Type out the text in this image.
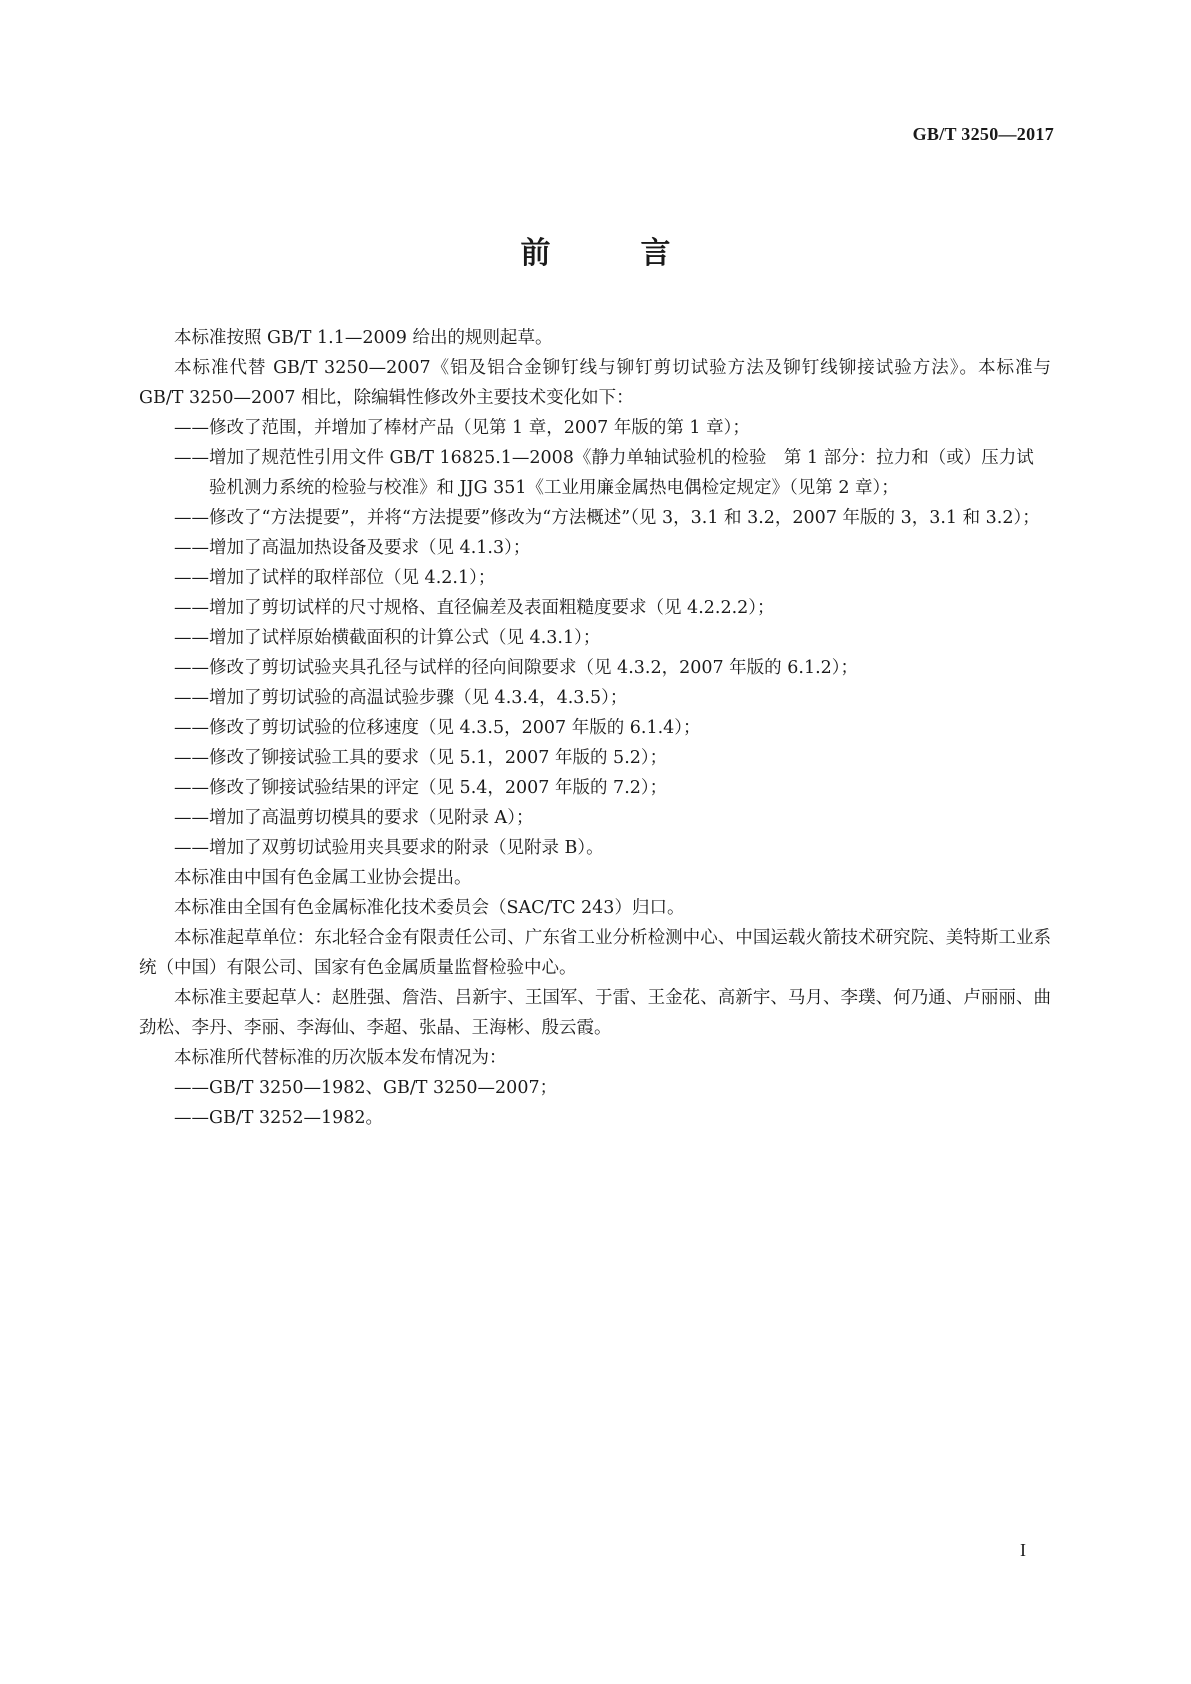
GB/T 3250—2017
前　言

本标准按照 GB/T 1.1—2009 给出的规则起草。

本标准代替 GB/T 3250—2007《铝及铝合金铆钉线与铆钉剪切试验方法及铆钉线铆接试验方法》。本标准与 GB/T 3250—2007 相比，除编辑性修改外主要技术变化如下：

——修改了范围，并增加了棒材产品（见第 1 章，2007 年版的第 1 章）；

——增加了规范性引用文件 GB/T 16825.1—2008《静力单轴试验机的检验　第 1 部分：拉力和（或）压力试验机测力系统的检验与校准》和 JJG 351《工业用廉金属热电偶检定规定》（见第 2 章）；

——修改了“方法提要”，并将“方法提要”修改为“方法概述”（见 3，3.1 和 3.2，2007 年版的 3，3.1 和 3.2）；

——增加了高温加热设备及要求（见 4.1.3）；

——增加了试样的取样部位（见 4.2.1）；

——增加了剪切试样的尺寸规格、直径偏差及表面粗糙度要求（见 4.2.2.2）；

——增加了试样原始横截面积的计算公式（见 4.3.1）；

——修改了剪切试验夹具孔径与试样的径向间隙要求（见 4.3.2，2007 年版的 6.1.2）；

——增加了剪切试验的高温试验步骤（见 4.3.4，4.3.5）；

——修改了剪切试验的位移速度（见 4.3.5，2007 年版的 6.1.4）；

——修改了铆接试验工具的要求（见 5.1，2007 年版的 5.2）；

——修改了铆接试验结果的评定（见 5.4，2007 年版的 7.2）；

——增加了高温剪切模具的要求（见附录 A）；

——增加了双剪切试验用夹具要求的附录（见附录 B）。

本标准由中国有色金属工业协会提出。

本标准由全国有色金属标准化技术委员会（SAC/TC 243）归口。

本标准起草单位：东北轻合金有限责任公司、广东省工业分析检测中心、中国运载火箭技术研究院、美特斯工业系统（中国）有限公司、国家有色金属质量监督检验中心。

本标准主要起草人：赵胜强、詹浩、吕新宇、王国军、于雷、王金花、高新宇、马月、李璞、何乃通、卢丽丽、曲劲松、李丹、李丽、李海仙、李超、张晶、王海彬、殷云霞。

本标准所代替标准的历次版本发布情况为：

——GB/T 3250—1982、GB/T 3250—2007；

——GB/T 3252—1982。

I
